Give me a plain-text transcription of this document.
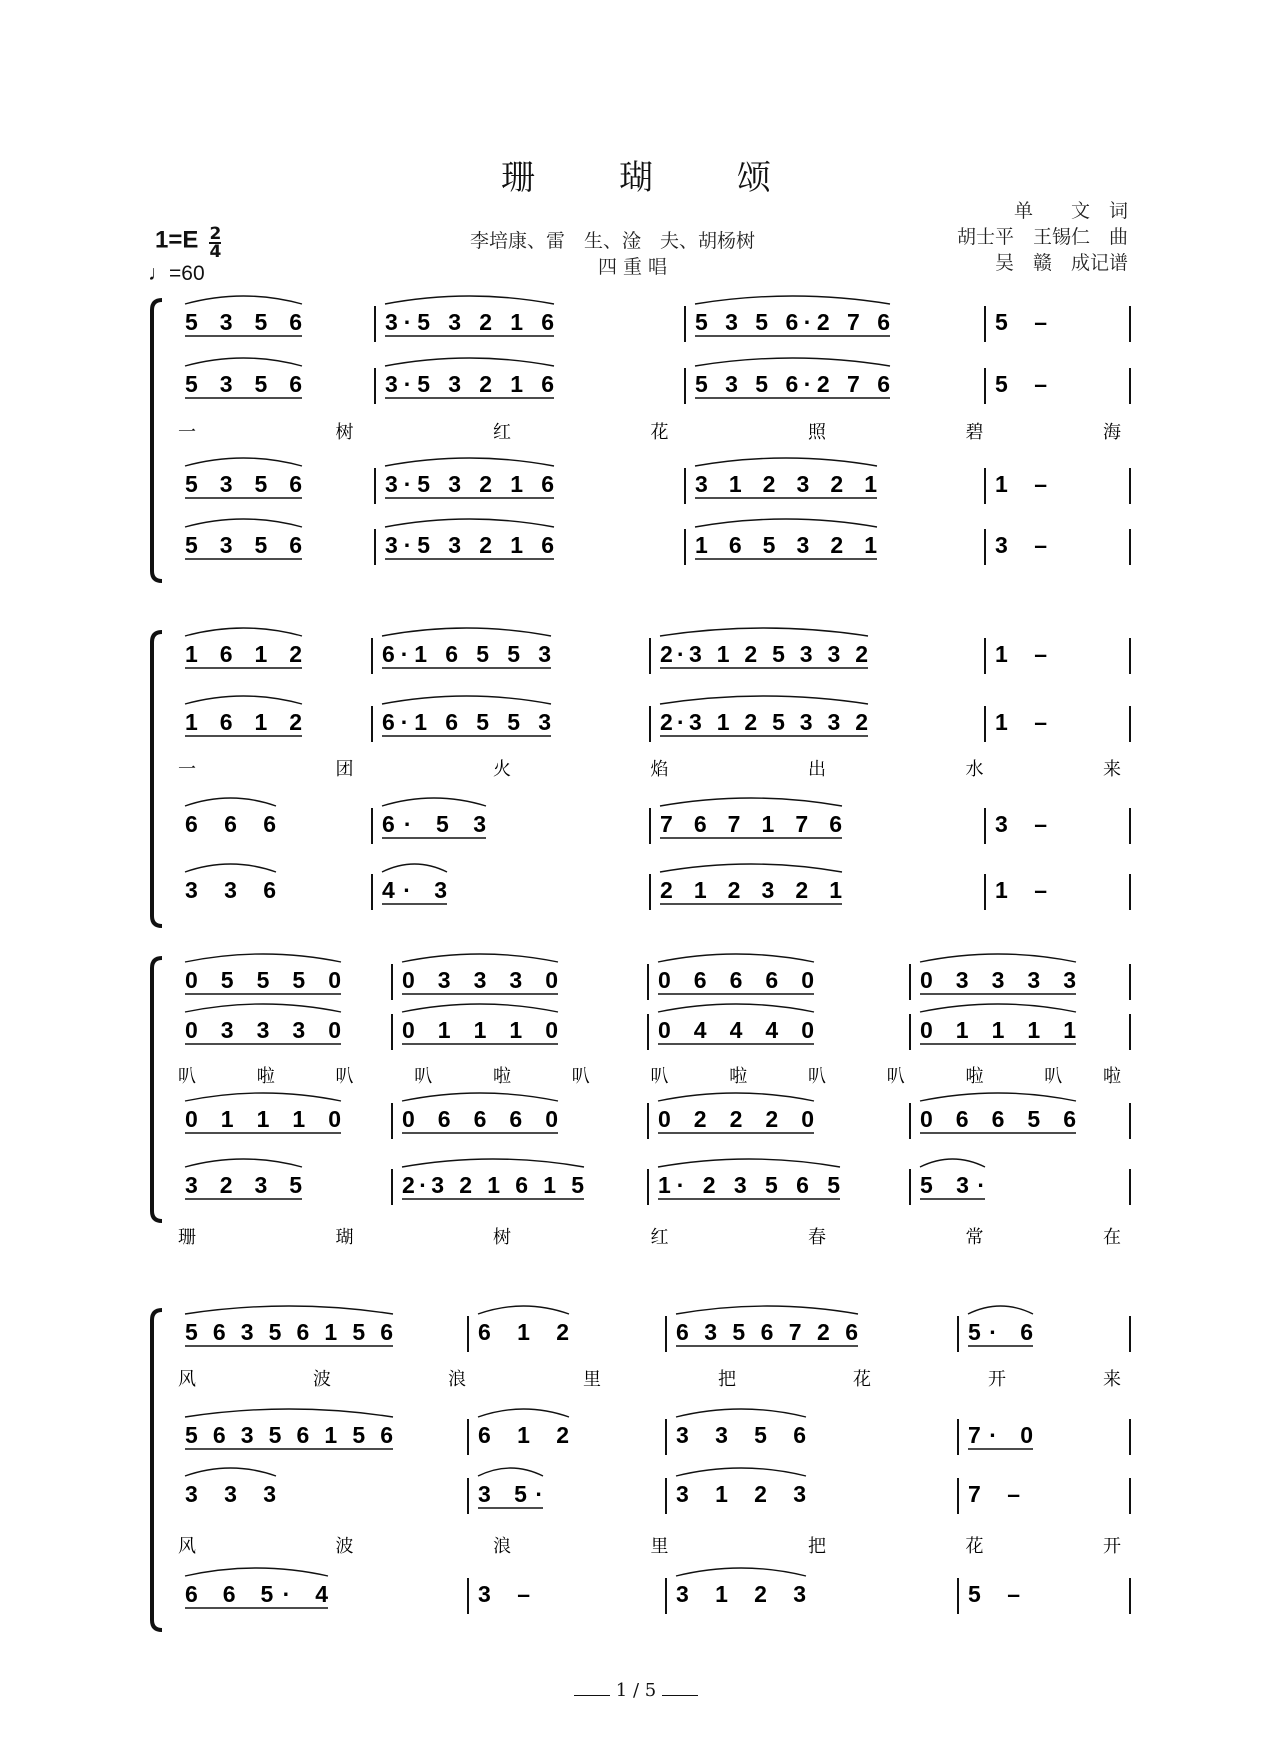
珊 瑚 颂
$1=E \frac{2}{4}$
♩=60
李培康、雷　生、淦　夫、胡杨树
四重唱
单　　文　词
胡士平　王锡仁　曲
吴　赣　成记谱
5 3 5 6	3·5 3 2 1 6	5 3 5 6·2 7 6	5 –
5 3 5 6	3·5 3 2 1 6	5 3 5 6·2 7 6	5 –
一	树	红	花	照	碧	海
5 3 5 6	3·5 3 2 1 6	3 1 2 3 2 1	1 –
5 3 5 6	3·5 3 2 1 6	1 6 5 3 2 1	3 –
1 6 1 2	6·1 6 5 5 3	2·3 1 2 5 3 3 2	1 –
1 6 1 2	6·1 6 5 5 3	2·3 1 2 5 3 3 2	1 –
一	团	火	焰	出	水	来
6 6 6	6· 5 3	7 6 7 1 7 6	3 –
3 3 6	4· 3	2 1 2 3 2 1	1 –
0 5 5 5 0	0 3 3 3 0	0 6 6 6 0	0 3 3 3 3
0 3 3 3 0	0 1 1 1 0	0 4 4 4 0	0 1 1 1 1
叭	啦	叭	叭	啦	叭	叭	啦	叭	叭	啦	叭 啦
0 1 1 1 0	0 6 6 6 0	0 2 2 2 0	0 6 6 5 6
3 2 3 5	2·3 2 1 6 1 5	1· 2 3 5 6 5	5 3·
珊	瑚	树	红	春	常	在
5 6 3 5 6 1 5 6	6 1 2	6 3 5 6 7 2 6	5· 6
风	波	浪	里	把	花	开	来
5 6 3 5 6 1 5 6	6 1 2	3 3 5 6	7· 0
3 3 3	3 5·	3 1 2 3	7 –
风	波	浪	里	把	花	开
6 6 5· 4	3 –	3 1 2 3	5 –
1 / 5
